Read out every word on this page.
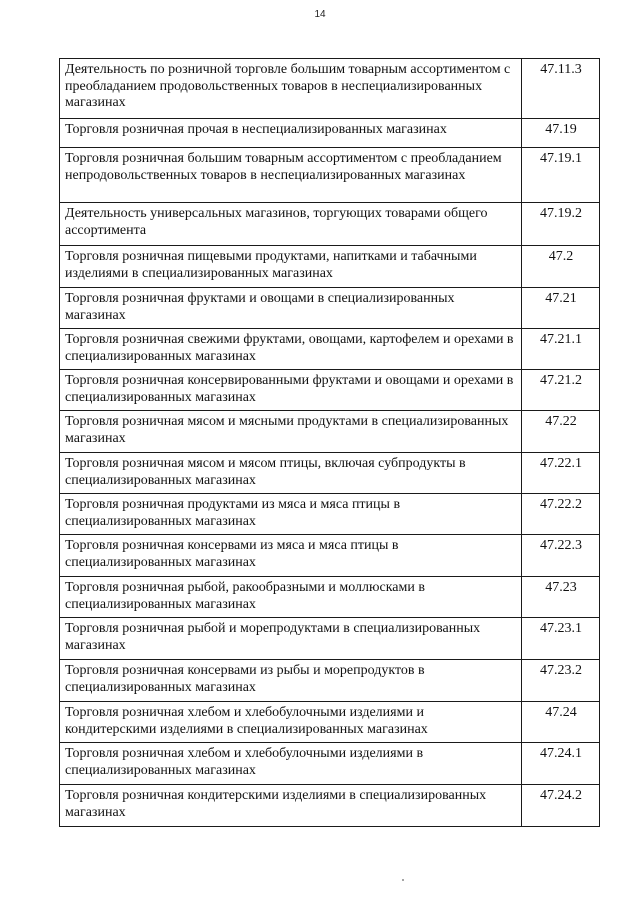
14
Деятельность по розничной торговле большим товарным ассортиментом с преобладанием продовольственных товаров в неспециализированных магазинах	47.11.3
Торговля розничная прочая в неспециализированных магазинах	47.19
Торговля розничная большим товарным ассортиментом с преобладанием непродовольственных товаров в неспециализированных магазинах	47.19.1
Деятельность универсальных магазинов, торгующих товарами общего ассортимента	47.19.2
Торговля розничная пищевыми продуктами, напитками и табачными изделиями в специализированных магазинах	47.2
Торговля розничная фруктами и овощами в специализированных магазинах	47.21
Торговля розничная свежими фруктами, овощами, картофелем и орехами в специализированных магазинах	47.21.1
Торговля розничная консервированными фруктами и овощами и орехами в специализированных магазинах	47.21.2
Торговля розничная мясом и мясными продуктами в специализированных магазинах	47.22
Торговля розничная мясом и мясом птицы, включая субпродукты в специализированных магазинах	47.22.1
Торговля розничная продуктами из мяса и мяса птицы в специализированных магазинах	47.22.2
Торговля розничная консервами из мяса и мяса птицы в специализированных магазинах	47.22.3
Торговля розничная рыбой, ракообразными и моллюсками в специализированных магазинах	47.23
Торговля розничная рыбой и морепродуктами в специализированных магазинах	47.23.1
Торговля розничная консервами из рыбы и морепродуктов в специализированных магазинах	47.23.2
Торговля розничная хлебом и хлебобулочными изделиями и кондитерскими изделиями в специализированных магазинах	47.24
Торговля розничная хлебом и хлебобулочными изделиями в специализированных магазинах	47.24.1
Торговля розничная кондитерскими изделиями в специализированных магазинах	47.24.2
